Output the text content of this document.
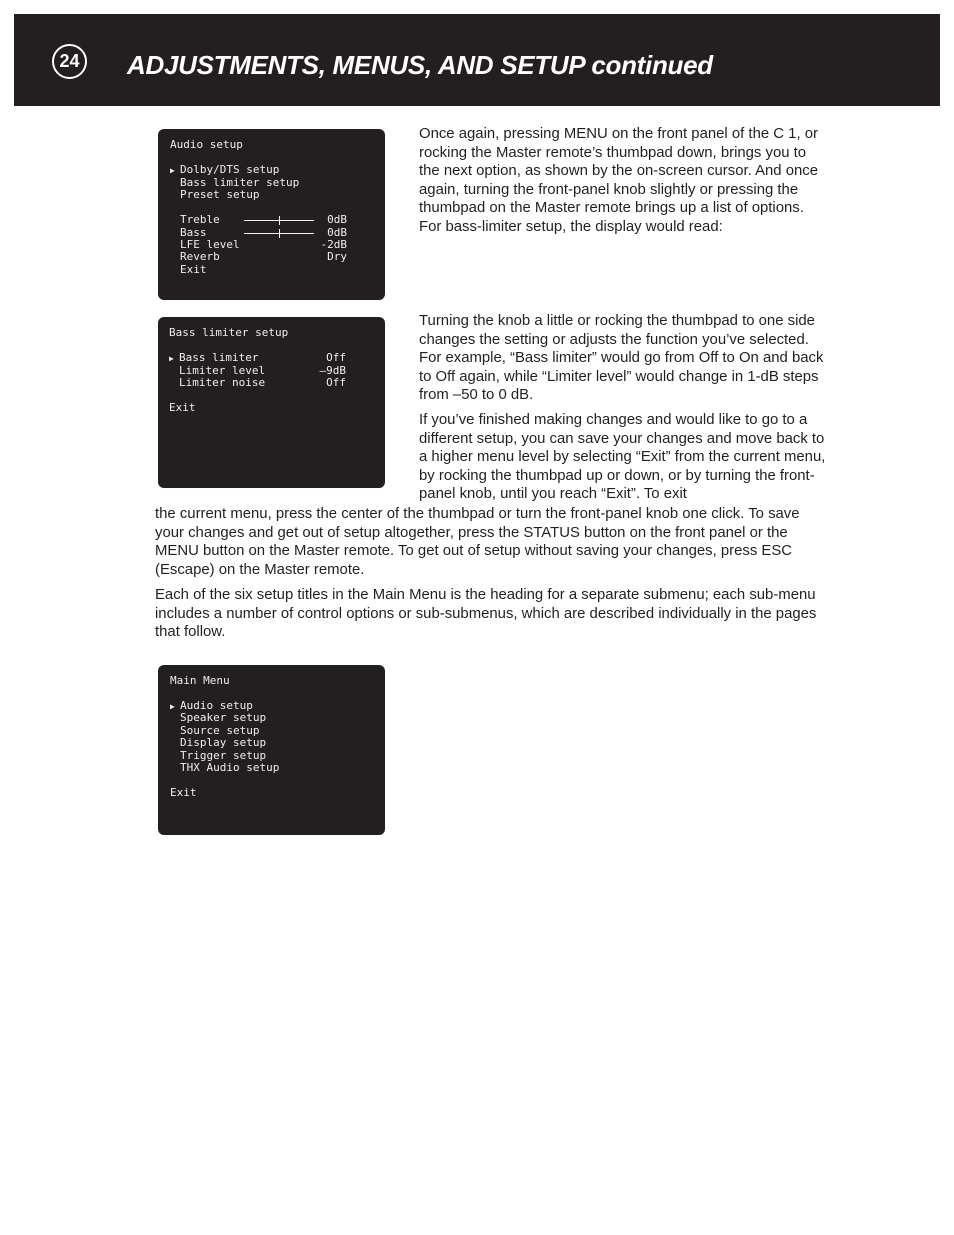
24 ADJUSTMENTS, MENUS, AND SETUP continued
Audio setup
▶ Dolby/DTS setup
Bass limiter setup
Preset setup
Treble	0dB
Bass	0dB
LFE level	-2dB
Reverb	Dry
Exit
Bass limiter setup
▶ Bass limiter	Off
Limiter level	–9dB
Limiter noise	Off
Exit
Main Menu
▶ Audio setup
Speaker setup
Source setup
Display setup
Trigger setup
THX Audio setup
Exit

Once again, pressing MENU on the front panel of the C 1, or rocking the Master remote’s thumbpad down, brings you to the next option, as shown by the on-screen cursor. And once again, turning the front-panel knob slightly or pressing the thumbpad on the Master remote brings up a list of options. For bass-limiter setup, the display would read:

Turning the knob a little or rocking the thumbpad to one side changes the setting or adjusts the function you’ve selected. For example, “Bass limiter” would go from Off to On and back to Off again, while “Limiter level” would change in 1-dB steps from –50 to 0 dB.

If you’ve finished making changes and would like to go to a different setup, you can save your changes and move back to a higher menu level by selecting “Exit” from the current menu, by rocking the thumbpad up or down, or by turning the front-panel knob, until you reach “Exit”. To exit

the current menu, press the center of the thumbpad or turn the front-panel knob one click. To save your changes and get out of setup altogether, press the STATUS button on the front panel or the MENU button on the Master remote. To get out of setup without saving your changes, press ESC (Escape) on the Master remote.

Each of the six setup titles in the Main Menu is the heading for a separate submenu; each sub-menu includes a number of control options or sub-submenus, which are described individually in the pages that follow.
